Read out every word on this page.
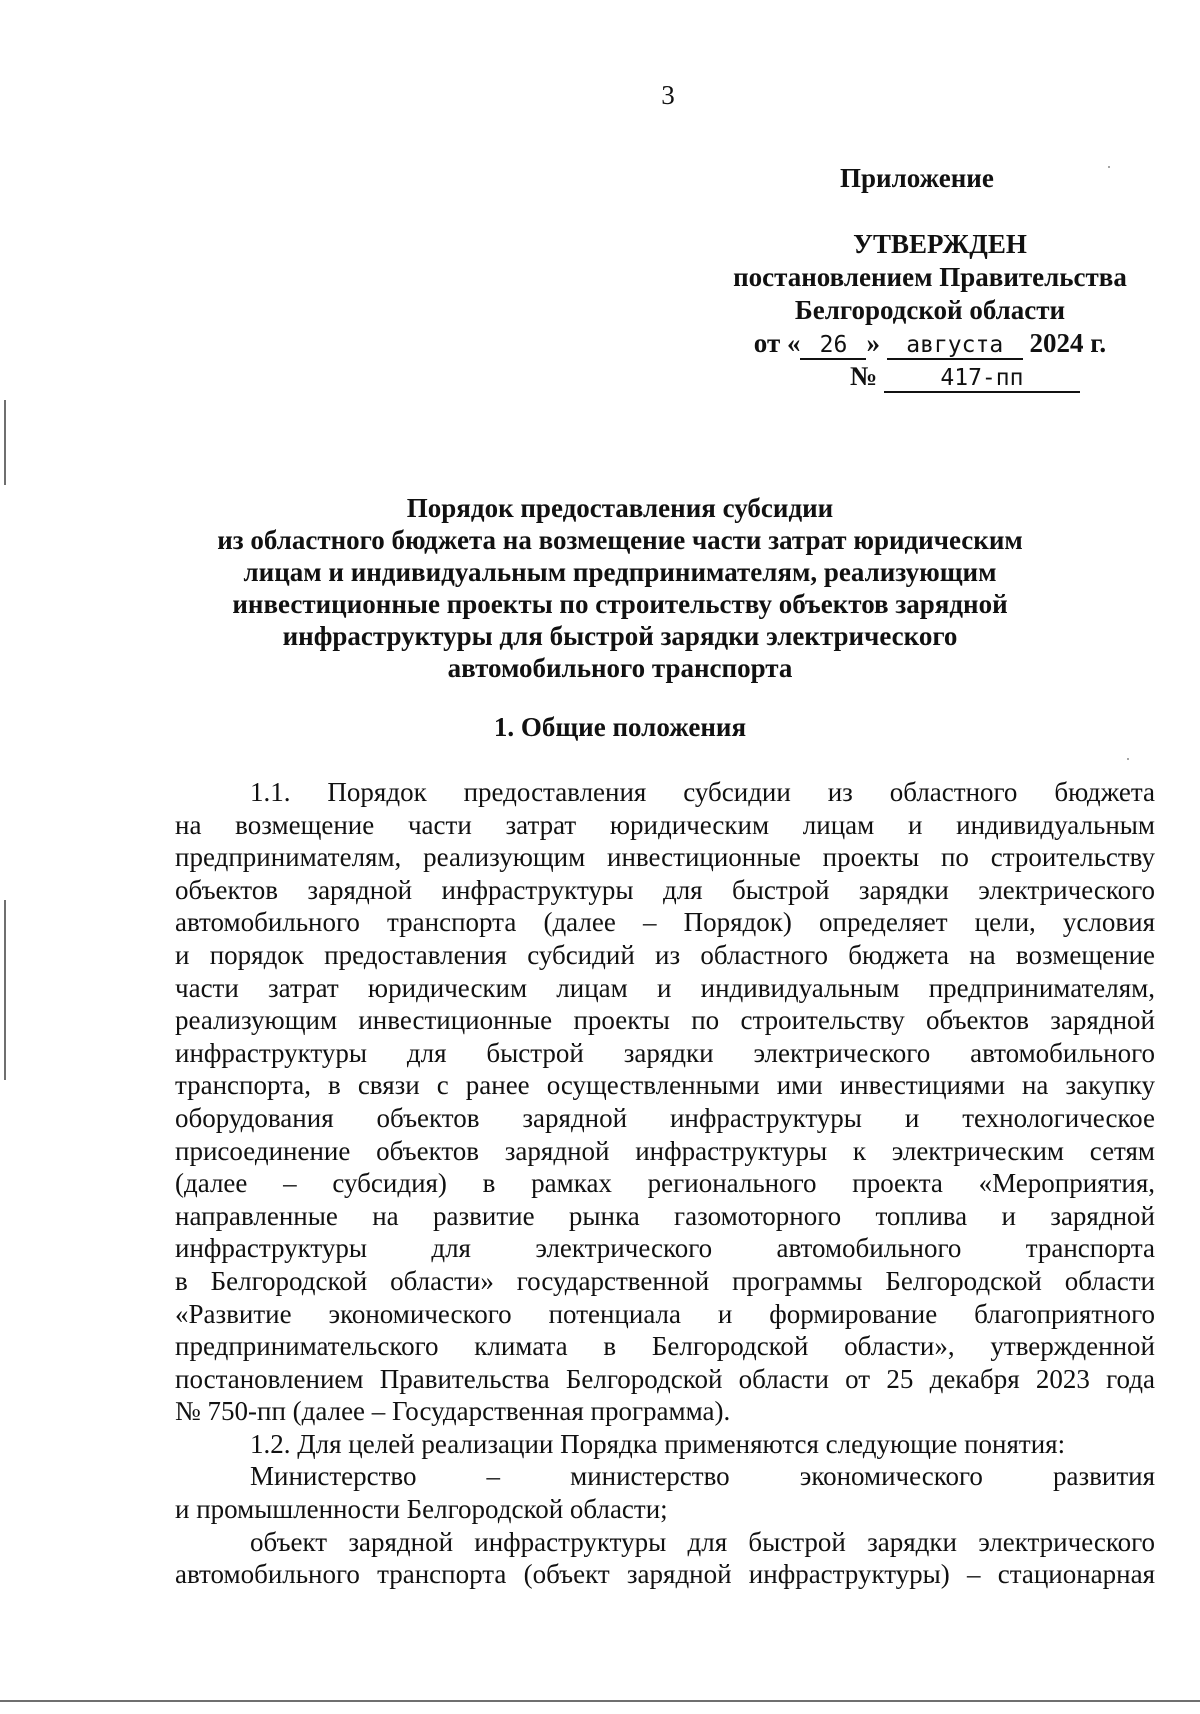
3
Приложение
УТВЕРЖДЕН
постановлением Правительства
Белгородской области
от « 26 » августа 2024 г.
№	417-пп
Порядок предоставления субсидии
из областного бюджета на возмещение части затрат юридическим
лицам и индивидуальным предпринимателям, реализующим
инвестиционные проекты по строительству объектов зарядной
инфраструктуры для быстрой зарядки электрического
автомобильного транспорта
1. Общие положения
1.1. Порядок предоставления субсидии из областного бюджета
на возмещение части затрат юридическим лицам и индивидуальным
предпринимателям, реализующим инвестиционные проекты по строительству
объектов зарядной инфраструктуры для быстрой зарядки электрического
автомобильного транспорта (далее – Порядок) определяет цели, условия
и порядок предоставления субсидий из областного бюджета на возмещение
части затрат юридическим лицам и индивидуальным предпринимателям,
реализующим инвестиционные проекты по строительству объектов зарядной
инфраструктуры для быстрой зарядки электрического автомобильного
транспорта, в связи с ранее осуществленными ими инвестициями на закупку
оборудования объектов зарядной инфраструктуры и технологическое
присоединение объектов зарядной инфраструктуры к электрическим сетям
(далее – субсидия) в рамках регионального проекта «Мероприятия,
направленные на развитие рынка газомоторного топлива и зарядной
инфраструктуры для электрического автомобильного транспорта
в Белгородской области» государственной программы Белгородской области
«Развитие экономического потенциала и формирование благоприятного
предпринимательского климата в Белгородской области», утвержденной
постановлением Правительства Белгородской области от 25 декабря 2023 года
№ 750-пп (далее – Государственная программа).
1.2. Для целей реализации Порядка применяются следующие понятия:
Министерство – министерство экономического развития
и промышленности Белгородской области;
объект зарядной инфраструктуры для быстрой зарядки электрического
автомобильного транспорта (объект зарядной инфраструктуры) – стационарная
